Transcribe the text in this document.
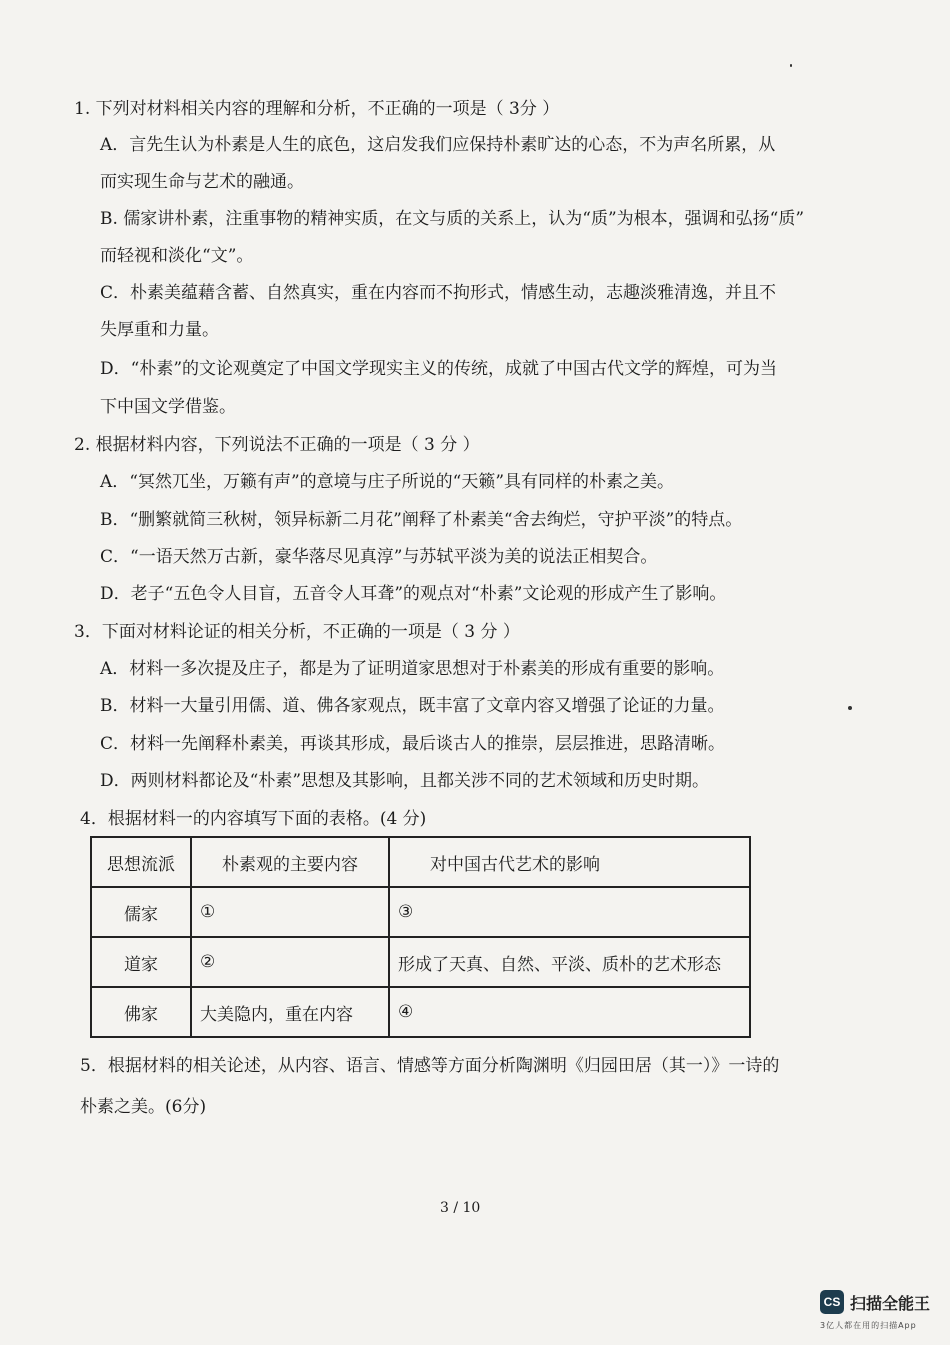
1. 下列对材料相关内容的理解和分析，不正确的一项是（ 3分 ）
A．言先生认为朴素是人生的底色，这启发我们应保持朴素旷达的心态，不为声名所累，从
而实现生命与艺术的融通。
B. 儒家讲朴素，注重事物的精神实质，在文与质的关系上，认为“质”为根本，强调和弘扬“质”
而轻视和淡化“文”。
C．朴素美蕴藉含蓄、自然真实，重在内容而不拘形式，情感生动，志趣淡雅清逸，并且不
失厚重和力量。
D．“朴素”的文论观奠定了中国文学现实主义的传统，成就了中国古代文学的辉煌，可为当
下中国文学借鉴。
2. 根据材料内容，下列说法不正确的一项是（ 3 分 ）
A．“冥然兀坐，万籁有声”的意境与庄子所说的“天籁”具有同样的朴素之美。
B．“删繁就简三秋树，领异标新二月花”阐释了朴素美“舍去绚烂，守护平淡”的特点。
C．“一语天然万古新，豪华落尽见真淳”与苏轼平淡为美的说法正相契合。
D．老子“五色令人目盲，五音令人耳聋”的观点对“朴素”文论观的形成产生了影响。
3．下面对材料论证的相关分析，不正确的一项是（ 3 分 ）
A．材料一多次提及庄子，都是为了证明道家思想对于朴素美的形成有重要的影响。
B．材料一大量引用儒、道、佛各家观点，既丰富了文章内容又增强了论证的力量。
C．材料一先阐释朴素美，再谈其形成，最后谈古人的推崇，层层推进，思路清晰。
D．两则材料都论及“朴素”思想及其影响，且都关涉不同的艺术领域和历史时期。
4．根据材料一的内容填写下面的表格。(4 分)
思想流派	朴素观的主要内容	对中国古代艺术的影响
儒家	①	③
道家	②	形成了天真、自然、平淡、质朴的艺术形态
佛家	大美隐内，重在内容	④
5．根据材料的相关论述，从内容、语言、情感等方面分析陶渊明《归园田居（其一）》一诗的
朴素之美。(6分)
3 / 10
CS 扫描全能王
3亿人都在用的扫描App
